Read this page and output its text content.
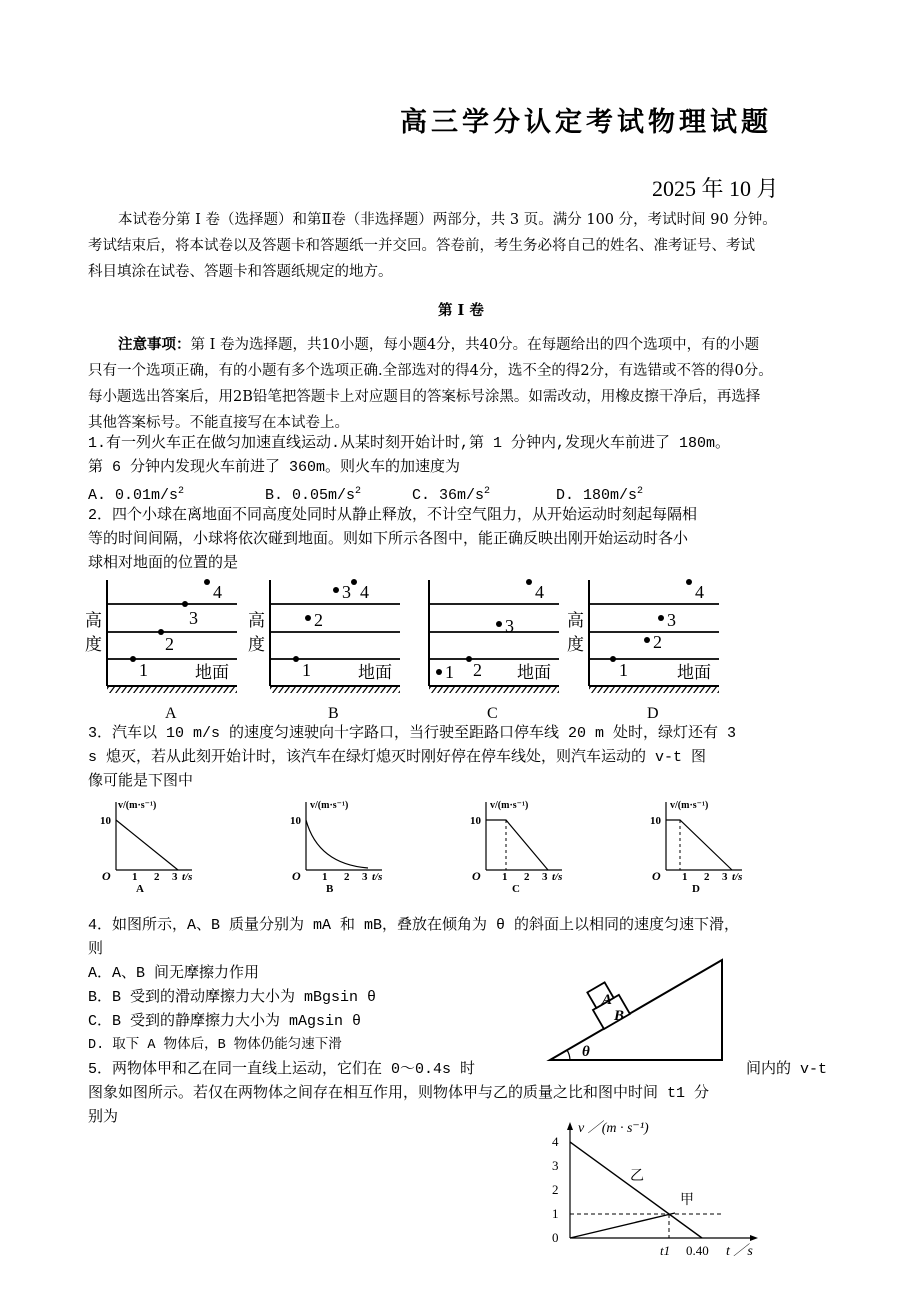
高三学分认定考试物理试题
2025 年 10 月
本试卷分第 I 卷（选择题）和第Ⅱ卷（非选择题）两部分，共 3 页。满分 100 分，考试时间 90 分钟。
考试结束后，将本试卷以及答题卡和答题纸一并交回。答卷前，考生务必将自己的姓名、准考证号、考试
科目填涂在试卷、答题卡和答题纸规定的地方。
第 I 卷
注意事项：第 I 卷为选择题，共10小题，每小题4分，共40分。在每题给出的四个选项中，有的小题
只有一个选项正确，有的小题有多个选项正确.全部选对的得4分，选不全的得2分，有选错或不答的得0分。
每小题选出答案后，用2B铅笔把答题卡上对应题目的答案标号涂黑。如需改动，用橡皮擦干净后，再选择
其他答案标号。不能直接写在本试卷上。
1.有一列火车正在做匀加速直线运动.从某时刻开始计时,第 1 分钟内,发现火车前进了 180m。
第 6 分钟内发现火车前进了 360m。则火车的加速度为
A. $0.01m/s^2$	B. $0.05m/s^2$	C. $36m/s^2$	D. $180m/s^2$
2．四个小球在离地面不同高度处同时从静止释放，不计空气阻力，从开始运动时刻起每隔相
等的时间间隔，小球将依次碰到地面。则如下所示各图中，能正确反映出刚开始运动时各小
球相对地面的位置的是
高
度
1
2
3
4
地面
A
高
度
1
2
3 4
地面
B
1 2
3
4
地面
C
高
度
1
2
3
4
地面
D
3．汽车以 10 m/s 的速度匀速驶向十字路口，当行驶至距路口停车线 20 m 处时，绿灯还有 3
s 熄灭，若从此刻开始计时，该汽车在绿灯熄灭时刚好停在停车线处，则汽车运动的 v-t 图
像可能是下图中
v/(m·s⁻¹)
10
O 1 2 3 t/s
A
v/(m·s⁻¹)
10
O 1 2 3 t/s
B
v/(m·s⁻¹)
10
O 1 2 3 t/s
C
v/(m·s⁻¹)
10
O 1 2 3 t/s
D
4．如图所示，A、B 质量分别为 mA 和 mB，叠放在倾角为 θ 的斜面上以相同的速度匀速下滑，
则
A．A、B 间无摩擦力作用
B．B 受到的滑动摩擦力大小为 mBgsin θ
C．B 受到的静摩擦力大小为 mAgsin θ
D. 取下 A 物体后，B 物体仍能匀速下滑
A
B
θ
5．两物体甲和乙在同一直线上运动，它们在 0～0.4s 时	间内的 v-t
图象如图所示。若仅在两物体之间存在相互作用，则物体甲与乙的质量之比和图中时间 t1 分
别为
v ／(m · s⁻¹)
4
3
2
1
0
t1 0.40 t ／s
乙
甲
